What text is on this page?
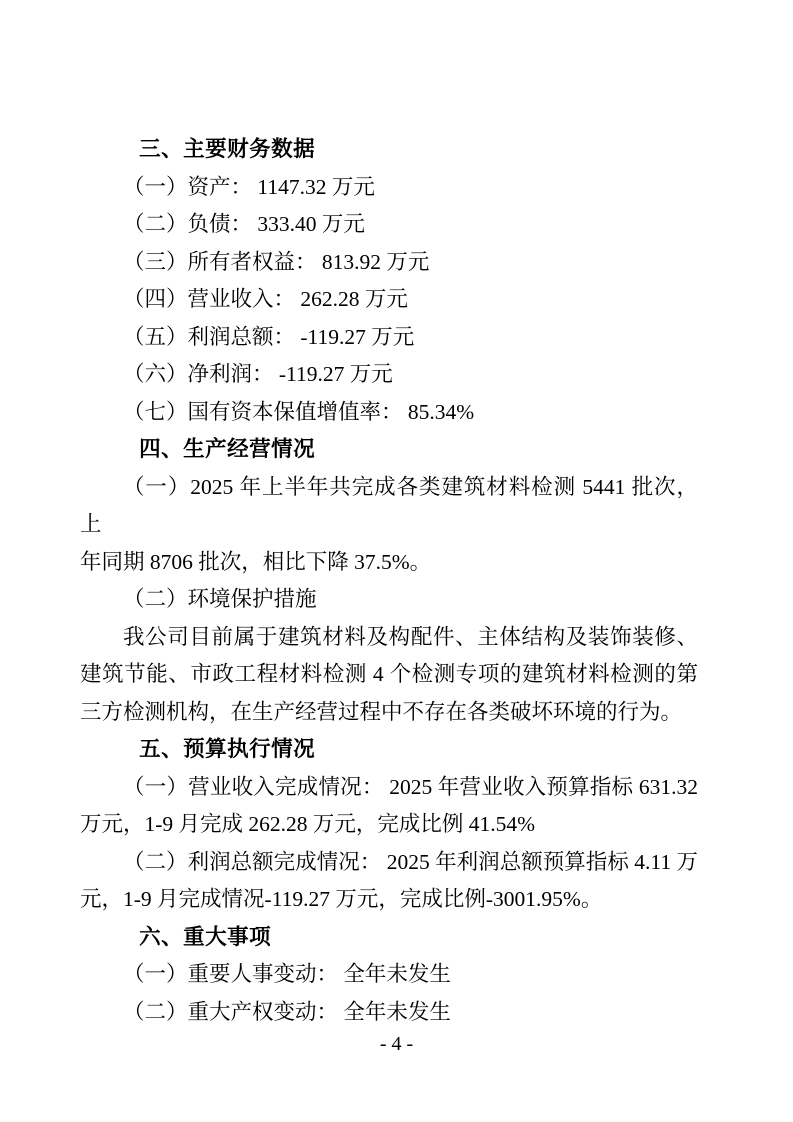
三、主要财务数据
（一）资产： 1147.32 万元
（二）负债： 333.40 万元
（三）所有者权益： 813.92 万元
（四）营业收入： 262.28 万元
（五）利润总额： -119.27 万元
（六）净利润： -119.27 万元
（七）国有资本保值增值率： 85.34%
四、生产经营情况
（一）2025 年上半年共完成各类建筑材料检测 5441 批次，上
年同期 8706 批次，相比下降 37.5%。
（二）环境保护措施
我公司目前属于建筑材料及构配件、主体结构及装饰装修、
建筑节能、市政工程材料检测 4 个检测专项的建筑材料检测的第
三方检测机构，在生产经营过程中不存在各类破坏环境的行为。
五、预算执行情况
（一）营业收入完成情况： 2025 年营业收入预算指标 631.32
万元，1-9 月完成 262.28 万元，完成比例 41.54%
（二）利润总额完成情况： 2025 年利润总额预算指标 4.11 万
元，1-9 月完成情况-119.27 万元，完成比例-3001.95%。
六、重大事项
（一）重要人事变动： 全年未发生
（二）重大产权变动： 全年未发生
- 4 -
